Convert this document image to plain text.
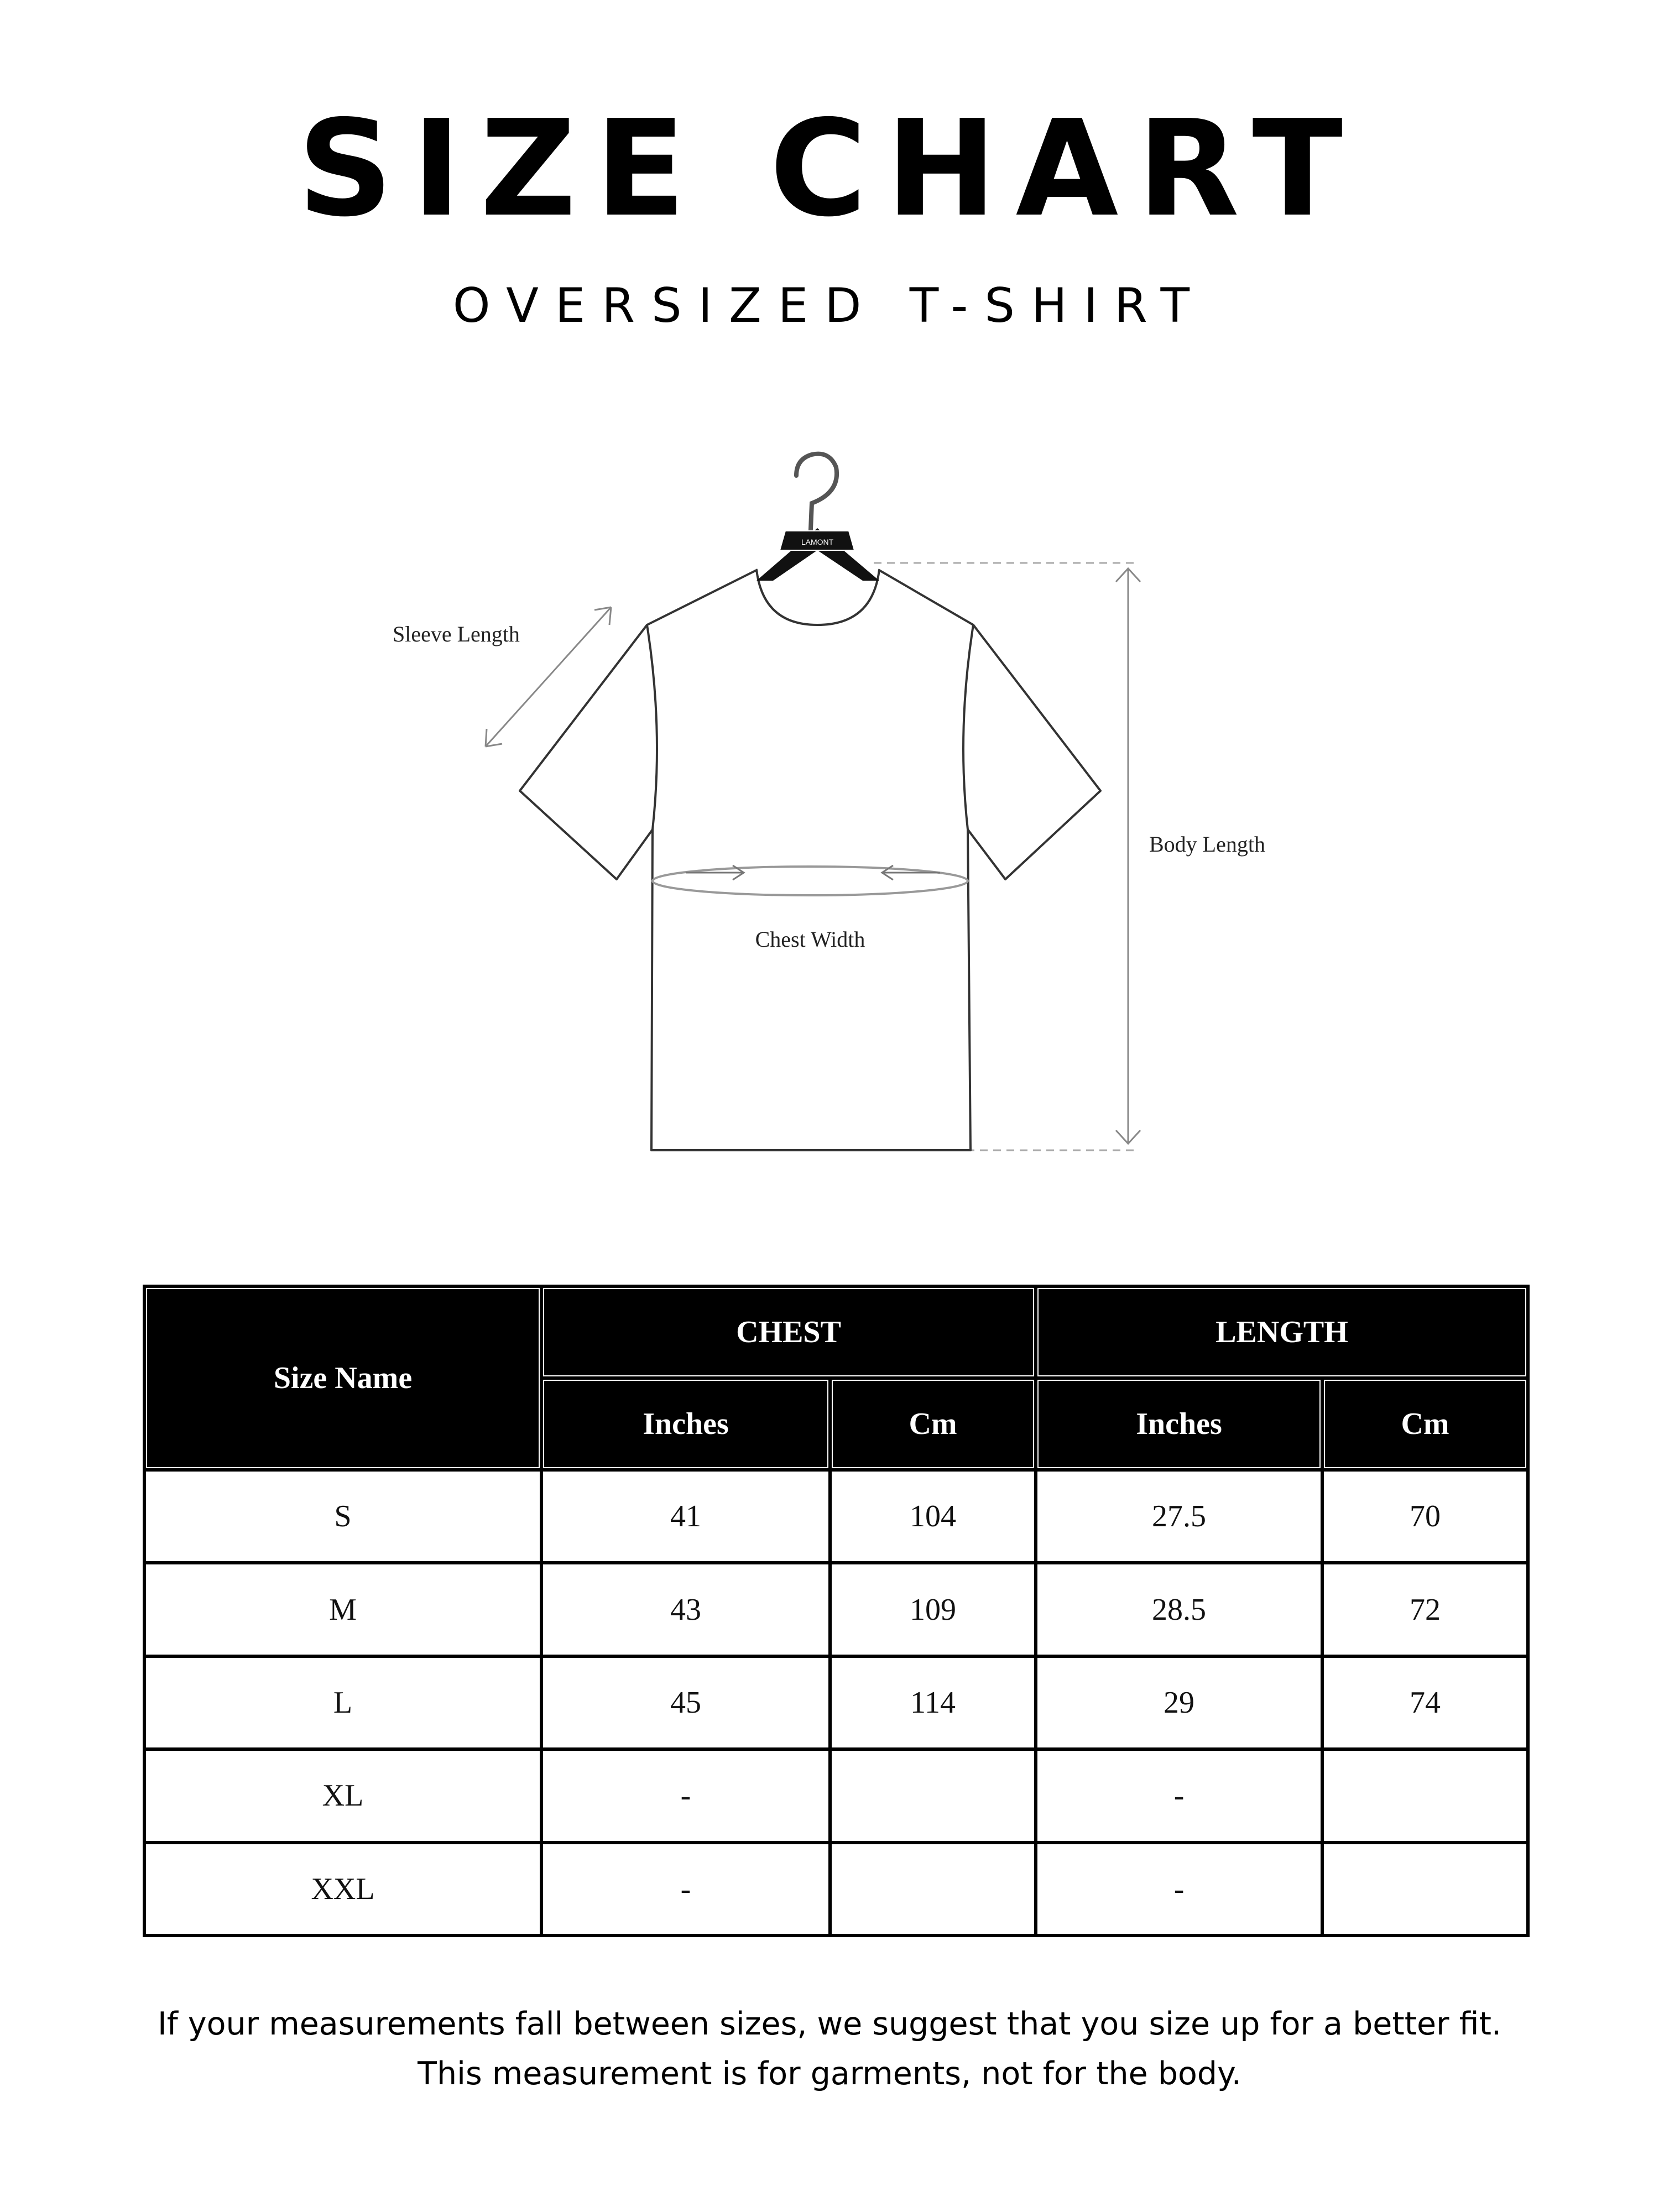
SIZE CHART
OVERSIZED T-SHIRT
LAMONT
Chest Width
Sleeve Length
Body Length
Size Name	CHEST		LENGTH	
	Inches	Cm	Inches	Cm
S	41	104	27.5	70
M	43	109	28.5	72
L	45	114	29	74
XL	-		-	
XXL	-		-	
If your measurements fall between sizes, we suggest that you size up for a better fit.
This measurement is for garments, not for the body.
